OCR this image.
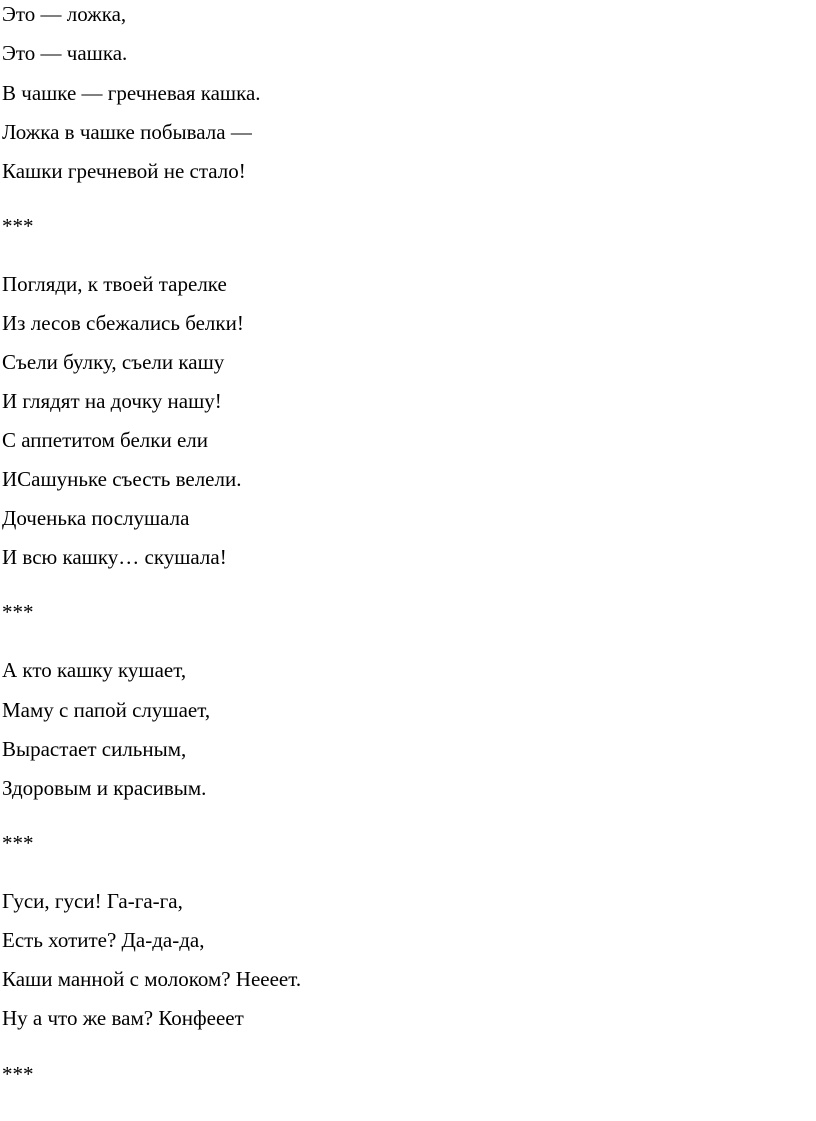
Это — ложка,

Это — чашка.

В чашке — гречневая кашка.

Ложка в чашке побывала —

Кашки гречневой не стало!

***

Погляди, к твоей тарелке

Из лесов сбежались белки!

Съели булку, съели кашу

И глядят на дочку нашу!

С аппетитом белки ели

ИСашуньке съесть велели.

Доченька послушала

И всю кашку… скушала!

***

А кто кашку кушает,

Маму с папой слушает,

Вырастает сильным,

Здоровым и красивым.

***

Гуси, гуси! Га-га-га,

Есть хотите? Да-да-да,

Каши манной с молоком? Нееeет.

Ну а что же вам? Конфееет

***
